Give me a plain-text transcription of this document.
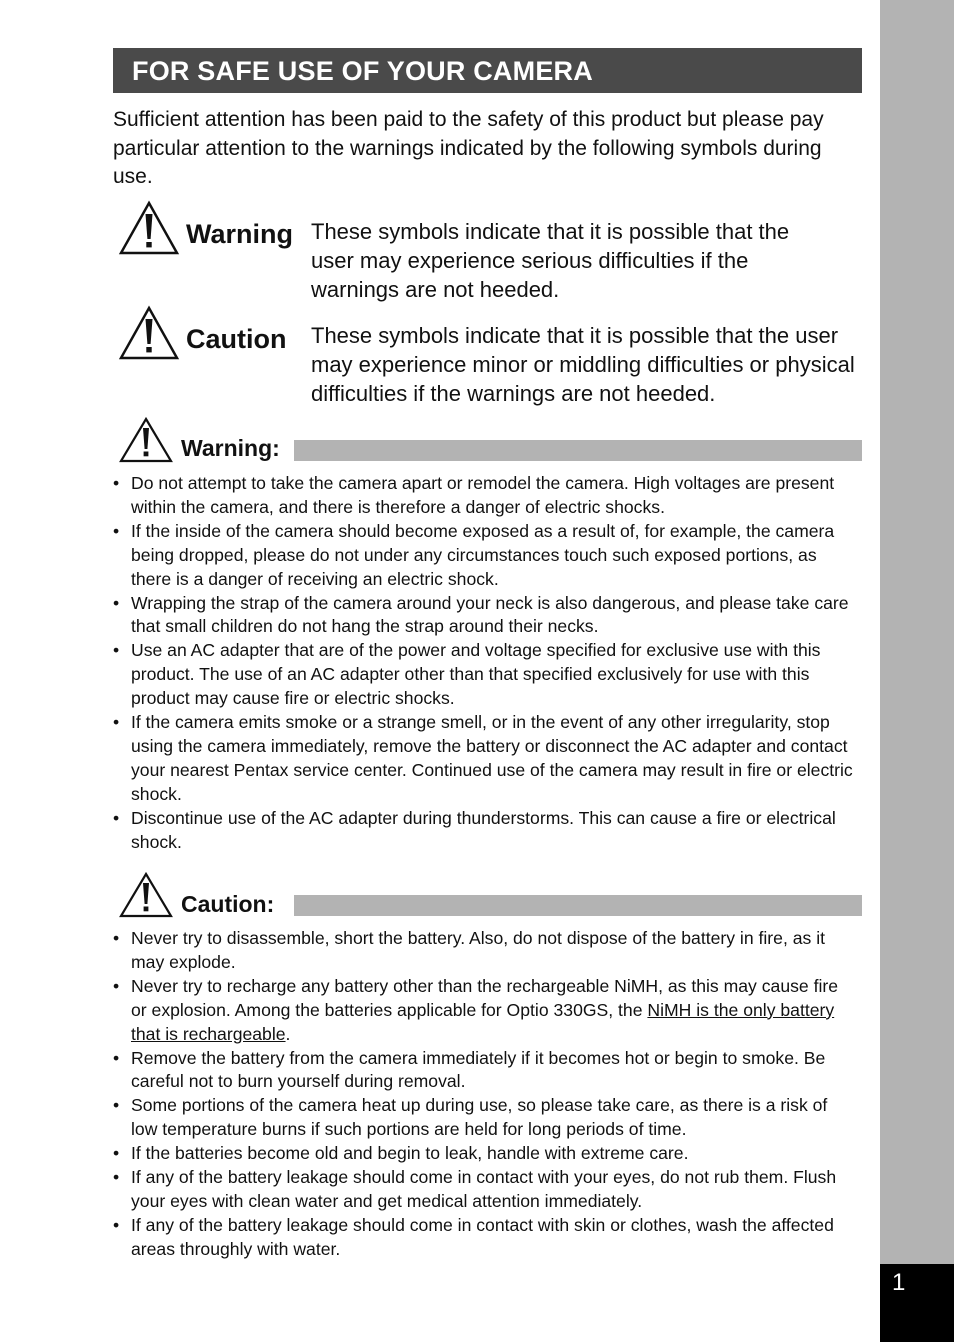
1
FOR SAFE USE OF YOUR CAMERA

Sufficient attention has been paid to the safety of this product but please pay particular attention to the warnings indicated by the following symbols during use.

Warning These symbols indicate that it is possible that the user may experience serious difficulties if the warnings are not heeded.
Caution These symbols indicate that it is possible that the user may experience minor or middling difficulties or physical difficulties if the warnings are not heeded.
Warning:
• Do not attempt to take the camera apart or remodel the camera. High voltages are present within the camera, and there is therefore a danger of electric shocks.
• If the inside of the camera should become exposed as a result of, for example, the camera being dropped, please do not under any circumstances touch such exposed portions, as there is a danger of receiving an electric shock.
• Wrapping the strap of the camera around your neck is also dangerous, and please take care that small children do not hang the strap around their necks.
• Use an AC adapter that are of the power and voltage specified for exclusive use with this product. The use of an AC adapter other than that specified exclusively for use with this product may cause fire or electric shocks.
• If the camera emits smoke or a strange smell, or in the event of any other irregularity, stop using the camera immediately, remove the battery or disconnect the AC adapter and contact your nearest Pentax service center. Continued use of the camera may result in fire or electric shock.
• Discontinue use of the AC adapter during thunderstorms. This can cause a fire or electrical shock.
Caution:
• Never try to disassemble, short the battery. Also, do not dispose of the battery in fire, as it may explode.
• Never try to recharge any battery other than the rechargeable NiMH, as this may cause fire or explosion. Among the batteries applicable for Optio 330GS, the NiMH is the only battery that is rechargeable.
• Remove the battery from the camera immediately if it becomes hot or begin to smoke. Be careful not to burn yourself during removal.
• Some portions of the camera heat up during use, so please take care, as there is a risk of low temperature burns if such portions are held for long periods of time.
• If the batteries become old and begin to leak, handle with extreme care.
• If any of the battery leakage should come in contact with your eyes, do not rub them. Flush your eyes with clean water and get medical attention immediately.
• If any of the battery leakage should come in contact with skin or clothes, wash the affected areas throughly with water.
